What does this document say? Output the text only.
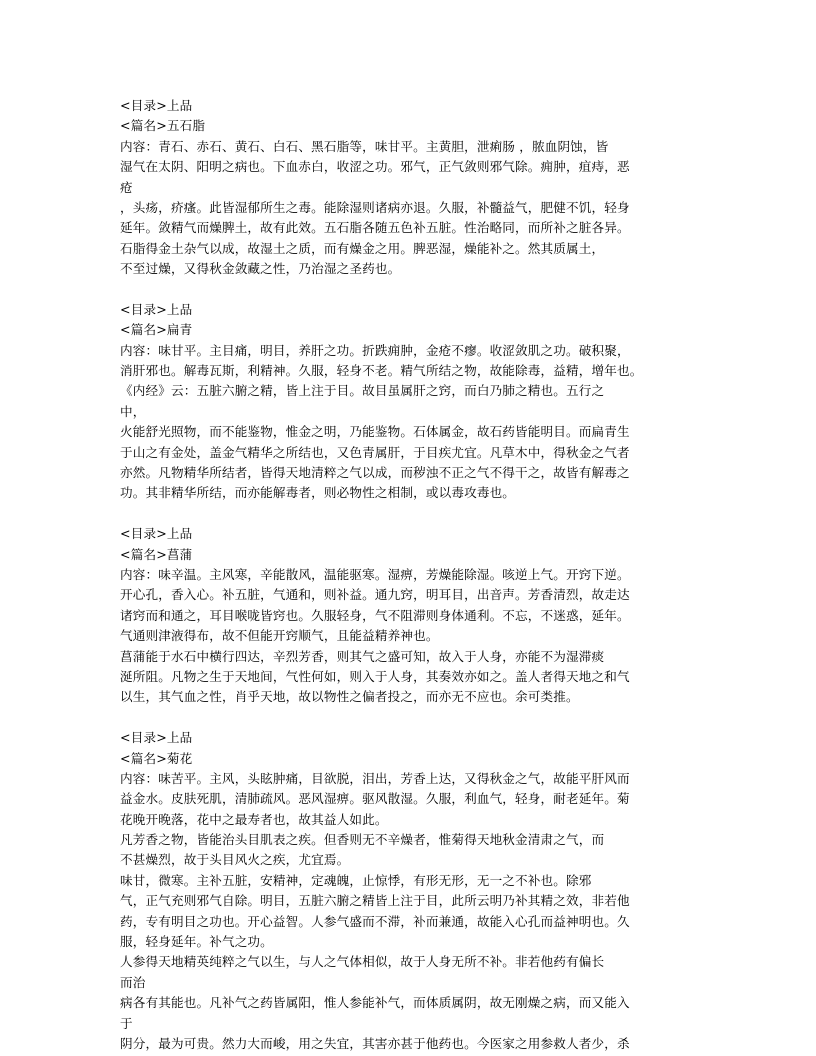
<目录>上品
<篇名>五石脂
内容：青石、赤石、黄石、白石、黑石脂等，味甘平。主黄胆，泄痢肠 ，脓血阴蚀，皆
湿气在太阴、阳明之病也。下血赤白，收涩之功。邪气，正气敛则邪气除。痈肿，疽痔，恶
疮
，头疡，疥瘙。此皆湿郁所生之毒。能除湿则诸病亦退。久服，补髓益气，肥健不饥，轻身
延年。敛精气而燥脾土，故有此效。五石脂各随五色补五脏。性治略同，而所补之脏各异。
石脂得金土杂气以成，故湿土之质，而有燥金之用。脾恶湿，燥能补之。然其质属土，
不至过燥，又得秋金敛藏之性，乃治湿之圣药也。
<目录>上品
<篇名>扁青
内容：味甘平。主目痛，明目，养肝之功。折跌痈肿，金疮不瘳。收涩敛肌之功。破积聚，
消肝邪也。解毒瓦斯，利精神。久服，轻身不老。精气所结之物，故能除毒，益精，增年也。
《内经》云：五脏六腑之精，皆上注于目。故目虽属肝之窍，而白乃肺之精也。五行之
中，
火能舒光照物，而不能鉴物，惟金之明，乃能鉴物。石体属金，故石药皆能明目。而扁青生
于山之有金处，盖金气精华之所结也，又色青属肝，于目疾尤宜。凡草木中，得秋金之气者
亦然。凡物精华所结者，皆得天地清粹之气以成，而秽浊不正之气不得干之，故皆有解毒之
功。其非精华所结，而亦能解毒者，则必物性之相制，或以毒攻毒也。
<目录>上品
<篇名>菖蒲
内容：味辛温。主风寒，辛能散风，温能驱寒。湿痹，芳燥能除湿。咳逆上气。开窍下逆。
开心孔，香入心。补五脏，气通和，则补益。通九窍，明耳目，出音声。芳香清烈，故走达
诸窍而和通之，耳目喉咙皆窍也。久服轻身，气不阻滞则身体通利。不忘，不迷惑，延年。
气通则津液得布，故不但能开窍顺气，且能益精养神也。
菖蒲能于水石中横行四达，辛烈芳香，则其气之盛可知，故入于人身，亦能不为湿滞痰
涎所阻。凡物之生于天地间，气性何如，则入于人身，其奏效亦如之。盖人者得天地之和气
以生，其气血之性，肖乎天地，故以物性之偏者投之，而亦无不应也。余可类推。
<目录>上品
<篇名>菊花
内容：味苦平。主风，头眩肿痛，目欲脱，泪出，芳香上达，又得秋金之气，故能平肝风而
益金水。皮肤死肌，清肺疏风。恶风湿痹。驱风散湿。久服，利血气，轻身，耐老延年。菊
花晚开晚落，花中之最寿者也，故其益人如此。
凡芳香之物，皆能治头目肌表之疾。但香则无不辛燥者，惟菊得天地秋金清肃之气，而
不甚燥烈，故于头目风火之疾，尤宜焉。
味甘，微寒。主补五脏，安精神，定魂魄，止惊悸，有形无形，无一之不补也。除邪
气，正气充则邪气自除。明目，五脏六腑之精皆上注于目，此所云明乃补其精之效，非若他
药，专有明目之功也。开心益智。人参气盛而不滞，补而兼通，故能入心孔而益神明也。久
服，轻身延年。补气之功。
人参得天地精英纯粹之气以生，与人之气体相似，故于人身无所不补。非若他药有偏长
而治
病各有其能也。凡补气之药皆属阳，惟人参能补气，而体质属阴，故无刚燥之病，而又能入
于
阴分，最为可贵。然力大而峻，用之失宜，其害亦甚于他药也。今医家之用参救人者少，杀
